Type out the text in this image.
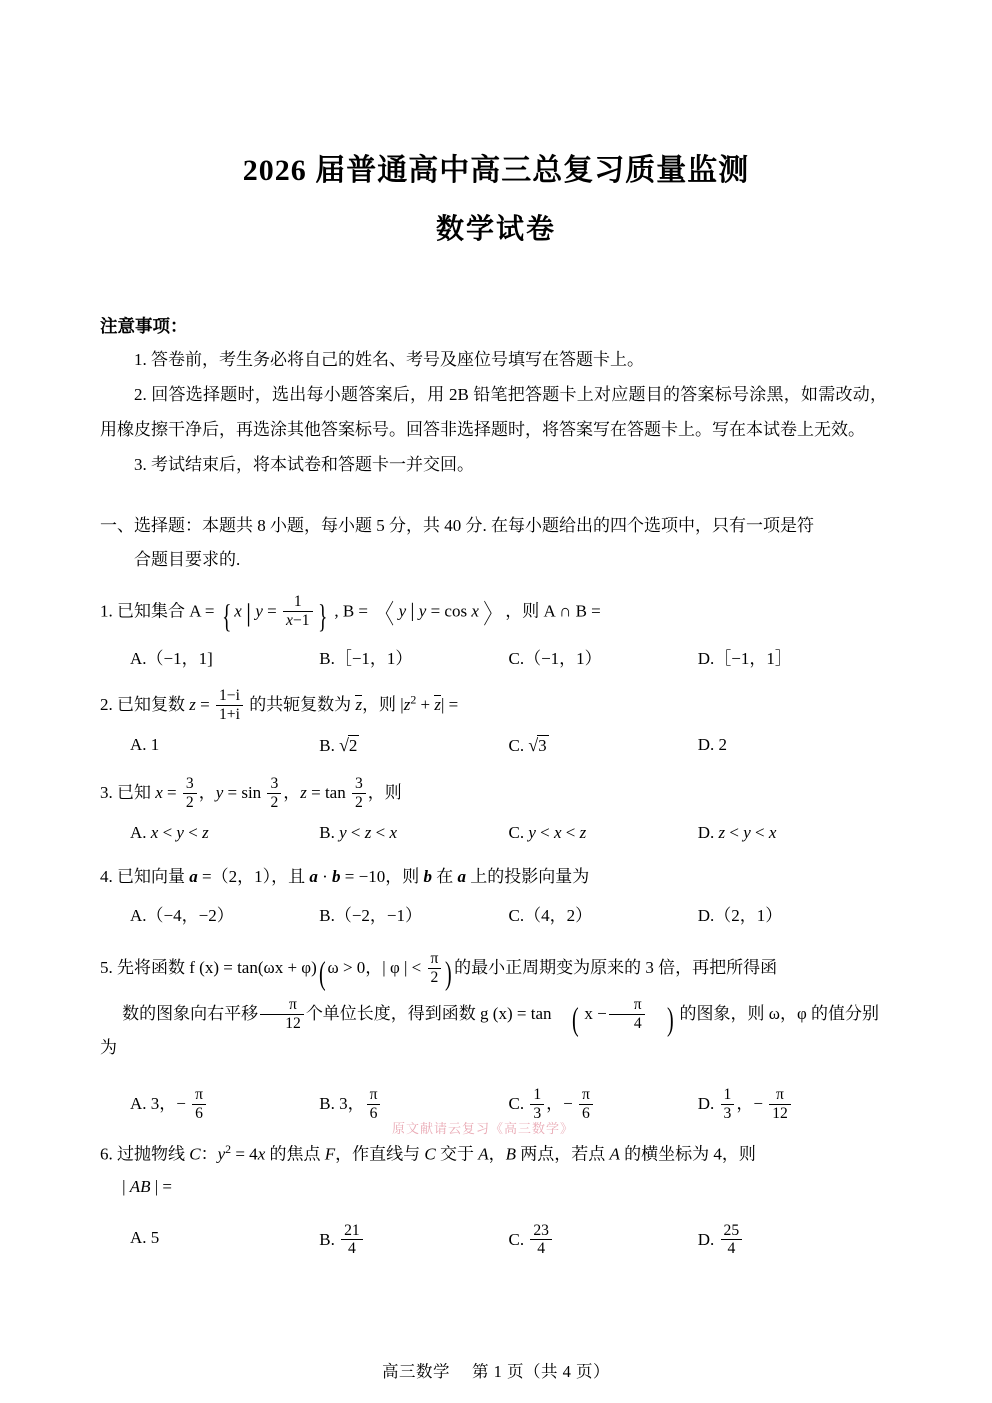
2026 届普通高中高三总复习质量监测
数学试卷
注意事项：
1. 答卷前，考生务必将自己的姓名、考号及座位号填写在答题卡上。
2. 回答选择题时，选出每小题答案后，用 2B 铅笔把答题卡上对应题目的答案标号涂黑，如需改动，用橡皮擦干净后，再选涂其他答案标号。回答非选择题时，将答案写在答题卡上。写在本试卷上无效。
3. 考试结束后，将本试卷和答题卡一并交回。
一、选择题：本题共 8 小题，每小题 5 分，共 40 分. 在每小题给出的四个选项中，只有一项是符
合题目要求的.
1. 已知集合 A = { x | $y = \frac{1}{x-1}$ } , B = 〈 y | y = cos x 〉 ，则 A ∩ B =
A.（−1，1]	B.［−1，1）	C.（−1，1）	D.［−1，1］
2. 已知复数 $z = \frac{1-i}{1+i}$ 的共轭复数为 z，则 $|z^2 + z|$ =
A. 1	B. √2	C. √3	D. 2
3. 已知 $x = \frac{3}{2}$ ，$y = \sin \frac{3}{2}$ ，$z = \tan \frac{3}{2}$ ，则
A. x < y < z	B. y < z < x	C. y < x < z	D. z < y < x
4. 已知向量 a =（2，1），且 a · b = −10，则 b 在 a 上的投影向量为
A.（−4，−2）	B.（−2，−1）	C.（4，2）	D.（2，1）
5. 先将函数 f (x) = tan(ωx + φ)( ω > 0，| φ | < $\frac{\pi}{2}$ ) 的最小正周期变为原来的 3 倍，再把所得函
数的图象向右平移 $\frac{\pi}{12}$ 个单位长度，得到函数 g (x) = tan ( $x - \frac{\pi}{4}$ ) 的图象，则 ω，φ 的值分别为
A. 3，− $\frac{\pi}{6}$	B. 3， $\frac{\pi}{6}$	C. $\frac{1}{3}$ ，− $\frac{\pi}{6}$	D. $\frac{1}{3}$ ，− $\frac{\pi}{12}$
6. 过抛物线 C：$y^2 = 4x$ 的焦点 F，作直线与 C 交于 A，B 两点，若点 A 的横坐标为 4，则
| AB | =
A. 5	B. $\frac{21}{4}$	C. $\frac{23}{4}$	D. $\frac{25}{4}$
原文献请云复习《高三数学》
高三数学 第 1 页（共 4 页）
